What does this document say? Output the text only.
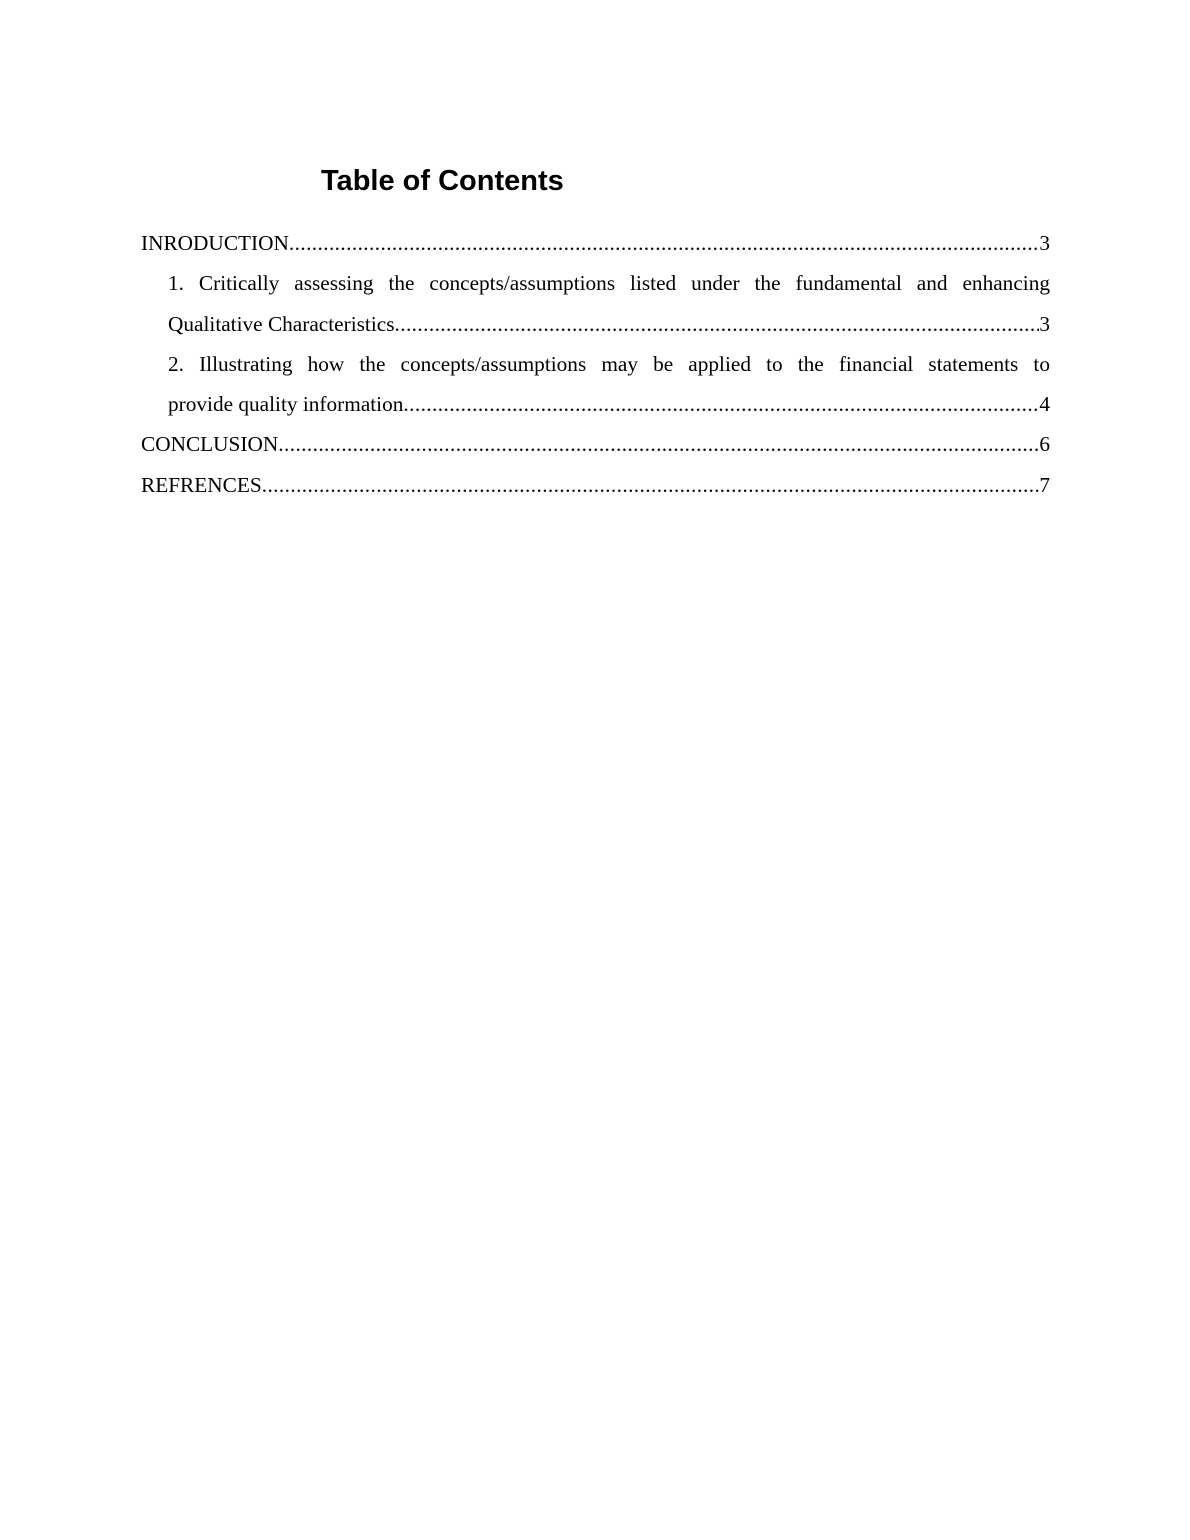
Table of Contents
INRODUCTION .....	3
1. Critically assessing the concepts/assumptions listed under the fundamental and enhancing
Qualitative Characteristics .....	3
2. Illustrating how the concepts/assumptions may be applied to the financial statements to
provide quality information .....	4
CONCLUSION .....	6
REFRENCES .....	7
